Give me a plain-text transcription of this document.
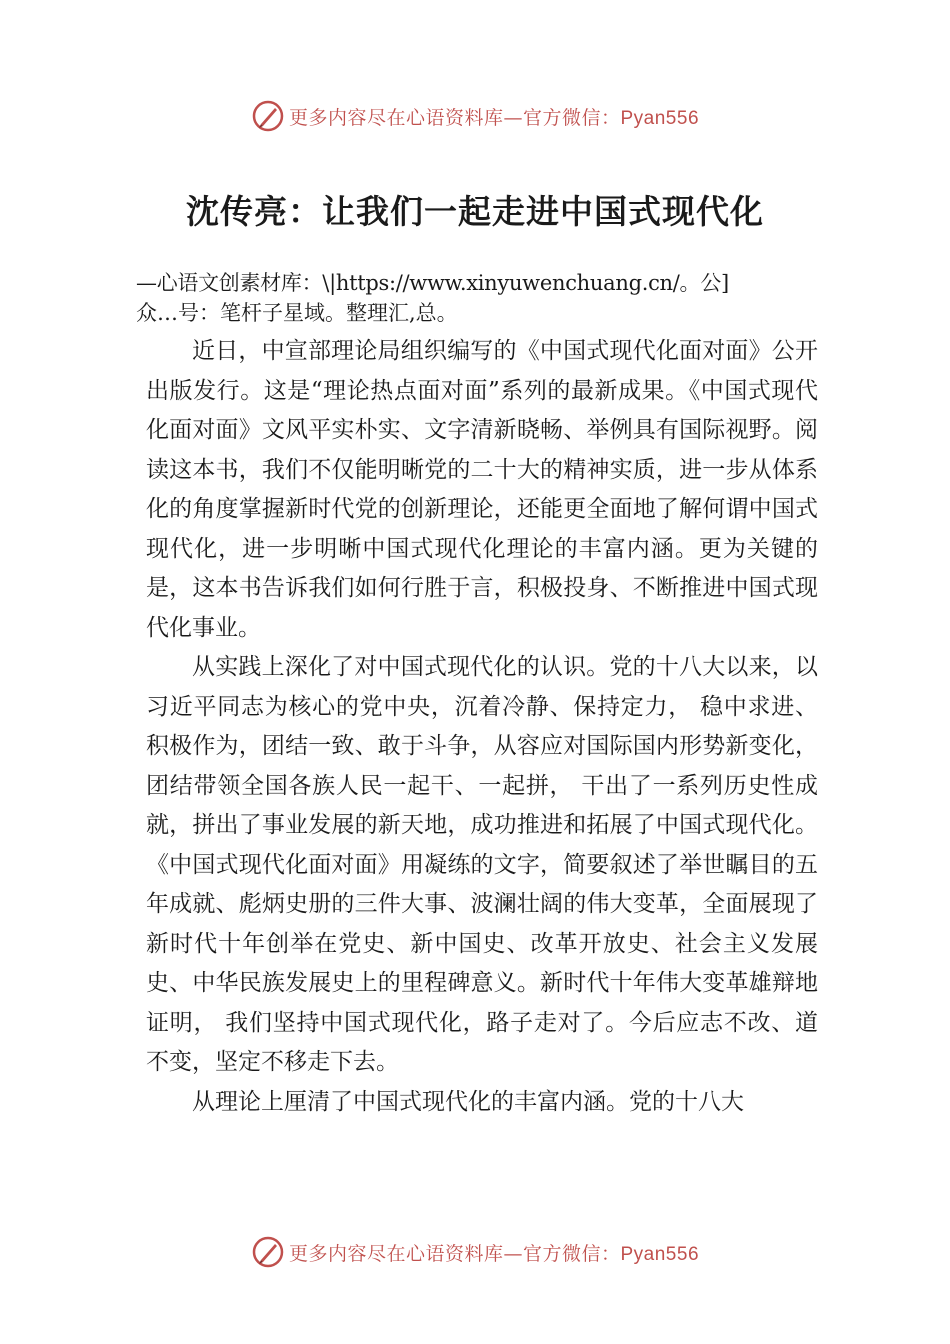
更多内容尽在心语资料库—官方微信：Pyan556
沈传亮：让我们一起走进中国式现代化
—心语文创素材库：\|https://www.xinyuwenchuang.cn/。公]
众…号：笔杆子星域。整理汇,总。

近日，中宣部理论局组织编写的《中国式现代化面对面》公开出版发行。这是“理论热点面对面”系列的最新成果。《中国式现代化面对面》文风平实朴实、文字清新晓畅、举例具有国际视野。阅读这本书，我们不仅能明晰党的二十大的精神实质，进一步从体系化的角度掌握新时代党的创新理论，还能更全面地了解何谓中国式现代化，进一步明晰中国式现代化理论的丰富内涵。更为关键的是，这本书告诉我们如何行胜于言，积极投身、不断推进中国式现代化事业。

从实践上深化了对中国式现代化的认识。党的十八大以来，以习近平同志为核心的党中央，沉着冷静、保持定力， 稳中求进、积极作为，团结一致、敢于斗争，从容应对国际国内形势新变化，团结带领全国各族人民一起干、一起拼， 干出了一系列历史性成就，拼出了事业发展的新天地，成功推进和拓展了中国式现代化。《中国式现代化面对面》用凝练的文字，简要叙述了举世瞩目的五年成就、彪炳史册的三件大事、波澜壮阔的伟大变革，全面展现了新时代十年创举在党史、新中国史、改革开放史、社会主义发展史、中华民族发展史上的里程碑意义。新时代十年伟大变革雄辩地证明， 我们坚持中国式现代化，路子走对了。今后应志不改、道不变，坚定不移走下去。

从理论上厘清了中国式现代化的丰富内涵。党的十八大

更多内容尽在心语资料库—官方微信：Pyan556
